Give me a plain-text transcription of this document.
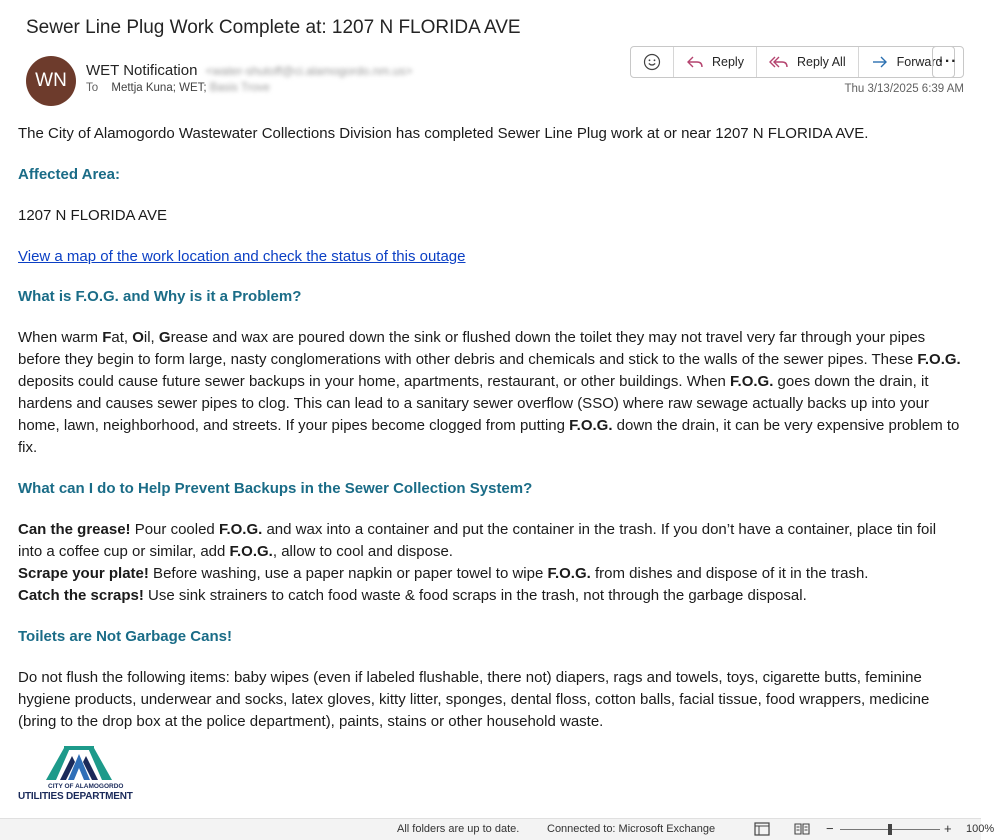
Sewer Line Plug Work Complete at: 1207 N FLORIDA AVE
WN	WET Notification <water-shutoff@ci.alamogordo.nm.us>
To Mettja Kuna; WET; Basis Trove
Reply	Reply All	Forward
···
Thu 3/13/2025 6:39 AM

The City of Alamogordo Wastewater Collections Division has completed Sewer Line Plug work at or near 1207 N FLORIDA AVE.

Affected Area:

1207 N FLORIDA AVE

View a map of the work location and check the status of this outage

What is F.O.G. and Why is it a Problem?

When warm Fat, Oil, Grease and wax are poured down the sink or flushed down the toilet they may not travel very far through your pipes before they begin to form large, nasty conglomerations with other debris and chemicals and stick to the walls of the sewer pipes. These F.O.G. deposits could cause future sewer backups in your home, apartments, restaurant, or other buildings. When F.O.G. goes down the drain, it hardens and causes sewer pipes to clog. This can lead to a sanitary sewer overflow (SSO) where raw sewage actually backs up into your home, lawn, neighborhood, and streets. If your pipes become clogged from putting F.O.G. down the drain, it can be very expensive problem to fix.

What can I do to Help Prevent Backups in the Sewer Collection System?

Can the grease! Pour cooled F.O.G. and wax into a container and put the container in the trash. If you don’t have a container, place tin foil into a coffee cup or similar, add F.O.G., allow to cool and dispose.

Scrape your plate! Before washing, use a paper napkin or paper towel to wipe F.O.G. from dishes and dispose of it in the trash.

Catch the scraps! Use sink strainers to catch food waste & food scraps in the trash, not through the garbage disposal.

Toilets are Not Garbage Cans!

Do not flush the following items: baby wipes (even if labeled flushable, there not) diapers, rags and towels, toys, cigarette butts, feminine hygiene products, underwear and socks, latex gloves, kitty litter, sponges, dental floss, cotton balls, facial tissue, food wrappers, medicine (bring to the drop box at the police department), paints, stains or other household waste.

CITY OF ALAMOGORDO
UTILITIES DEPARTMENT
All folders are up to date.	Connected to: Microsoft Exchange	−	+ 100%
